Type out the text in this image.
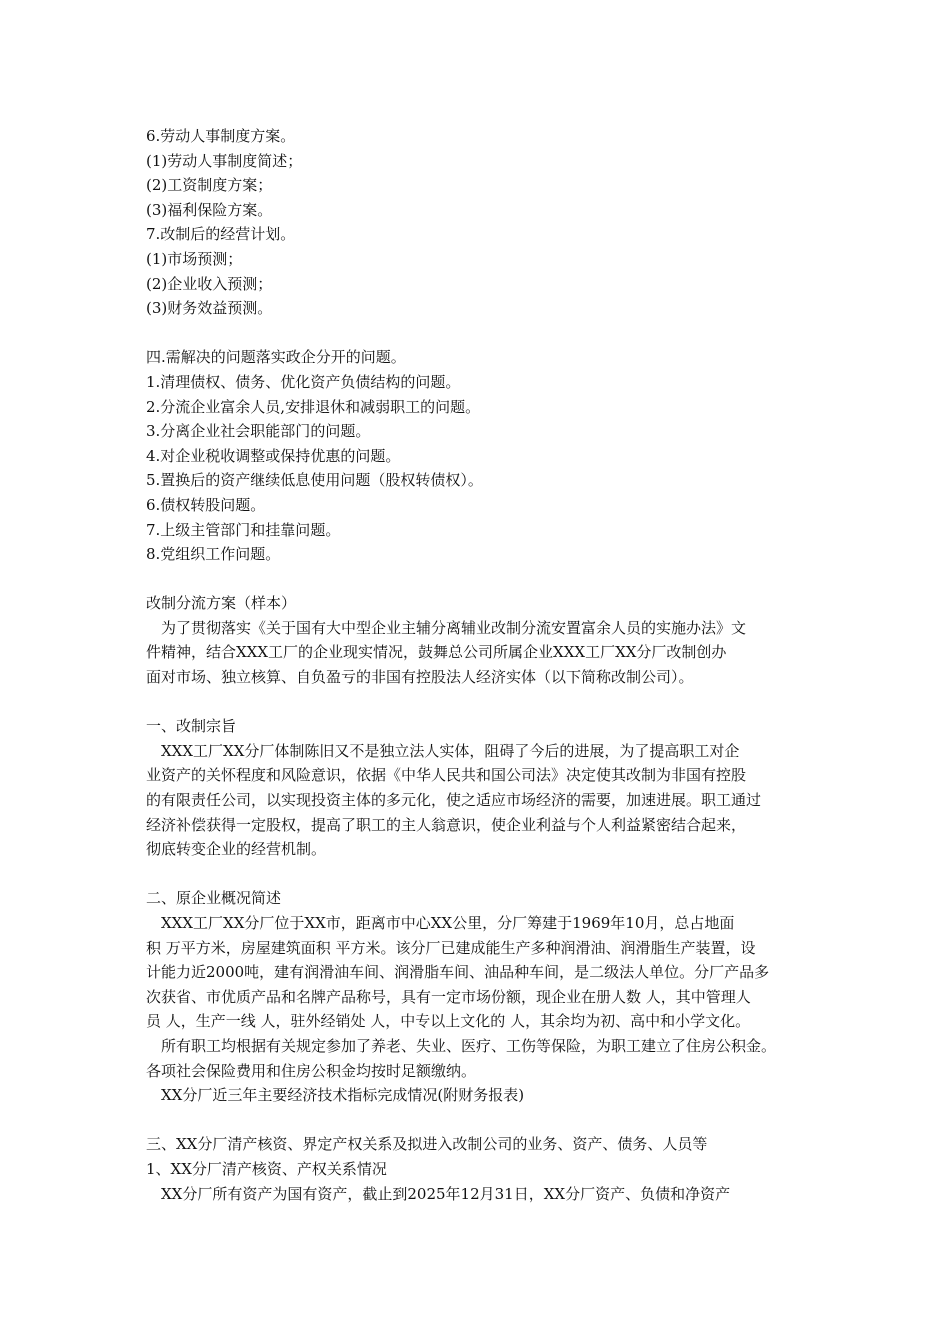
6.劳动人事制度方案。
(1)劳动人事制度简述；
(2)工资制度方案；
(3)福利保险方案。
7.改制后的经营计划。
(1)市场预测；
(2)企业收入预测；
(3)财务效益预测。
四.需解决的问题落实政企分开的问题。
1.清理债权、债务、优化资产负债结构的问题。
2.分流企业富余人员,安排退休和减弱职工的问题。
3.分离企业社会职能部门的问题。
4.对企业税收调整或保持优惠的问题。
5.置换后的资产继续低息使用问题（股权转债权）。
6.债权转股问题。
7.上级主管部门和挂靠问题。
8.党组织工作问题。
改制分流方案（样本）
为了贯彻落实《关于国有大中型企业主辅分离辅业改制分流安置富余人员的实施办法》文
件精神，结合XXX工厂的企业现实情况，鼓舞总公司所属企业XXX工厂XX分厂改制创办
面对市场、独立核算、自负盈亏的非国有控股法人经济实体（以下简称改制公司）。
一、改制宗旨
XXX工厂XX分厂体制陈旧又不是独立法人实体，阻碍了今后的进展，为了提高职工对企
业资产的关怀程度和风险意识，依据《中华人民共和国公司法》决定使其改制为非国有控股
的有限责任公司，以实现投资主体的多元化，使之适应市场经济的需要，加速进展。职工通过
经济补偿获得一定股权，提高了职工的主人翁意识，使企业利益与个人利益紧密结合起来，
彻底转变企业的经营机制。
二、原企业概况简述
XXX工厂XX分厂位于XX市，距离市中心XX公里，分厂筹建于1969年10月，总占地面
积 万平方米，房屋建筑面积 平方米。该分厂已建成能生产多种润滑油、润滑脂生产装置，设
计能力近2000吨，建有润滑油车间、润滑脂车间、油品种车间，是二级法人单位。分厂产品多
次获省、市优质产品和名牌产品称号，具有一定市场份额，现企业在册人数 人，其中管理人
员 人，生产一线 人，驻外经销处 人，中专以上文化的 人，其余均为初、高中和小学文化。
所有职工均根据有关规定参加了养老、失业、医疗、工伤等保险，为职工建立了住房公积金。
各项社会保险费用和住房公积金均按时足额缴纳。
XX分厂近三年主要经济技术指标完成情况(附财务报表)
三、XX分厂清产核资、界定产权关系及拟进入改制公司的业务、资产、债务、人员等
1、XX分厂清产核资、产权关系情况
XX分厂所有资产为国有资产，截止到2025年12月31日，XX分厂资产、负债和净资产
